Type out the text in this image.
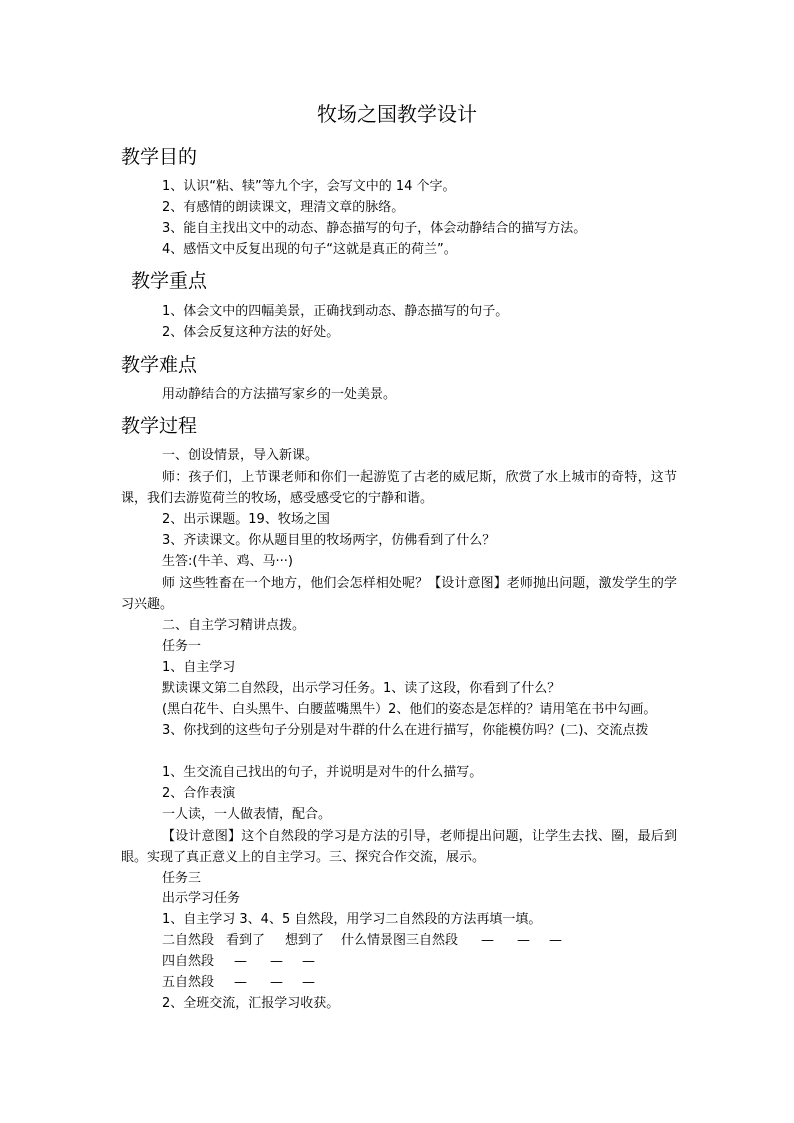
牧场之国教学设计
教学目的
1、认识“粘、犊”等九个字，会写文中的 14 个字。
2、有感情的朗读课文，理清文章的脉络。
3、能自主找出文中的动态、静态描写的句子，体会动静结合的描写方法。
4、感悟文中反复出现的句子“这就是真正的荷兰”。
教学重点
1、体会文中的四幅美景，正确找到动态、静态描写的句子。
2、体会反复这种方法的好处。
教学难点
用动静结合的方法描写家乡的一处美景。
教学过程
一、创设情景，导入新课。
师：孩子们，上节课老师和你们一起游览了古老的威尼斯，欣赏了水上城市的奇特，这节课，我们去游览荷兰的牧场，感受感受它的宁静和谐。
2、出示课题。19、牧场之国
3、齐读课文。你从题目里的牧场两字，仿佛看到了什么？
生答:(牛羊、鸡、马···)
师 这些牲畜在一个地方，他们会怎样相处呢？【设计意图】老师抛出问题，激发学生的学习兴趣。
二、自主学习精讲点拨。
任务一
1、自主学习
默读课文第二自然段，出示学习任务。1、读了这段，你看到了什么？
(黑白花牛、白头黑牛、白腰蓝嘴黑牛）2、他们的姿态是怎样的？请用笔在书中勾画。
3、你找到的这些句子分别是对牛群的什么在进行描写，你能模仿吗？(二)、交流点拨
1、生交流自己找出的句子，并说明是对牛的什么描写。
2、合作表演
一人读，一人做表情，配合。
【设计意图】这个自然段的学习是方法的引导，老师提出问题，让学生去找、圈，最后到眼。实现了真正意义上的自主学习。三、探究合作交流，展示。
任务三
出示学习任务
1、自主学习 3、4、5 自然段，用学习二自然段的方法再填一填。
二自然段 看到了 想到了 什么情景图三自然段 — — —
四自然段 — — —
五自然段 — — —
2、全班交流，汇报学习收获。
